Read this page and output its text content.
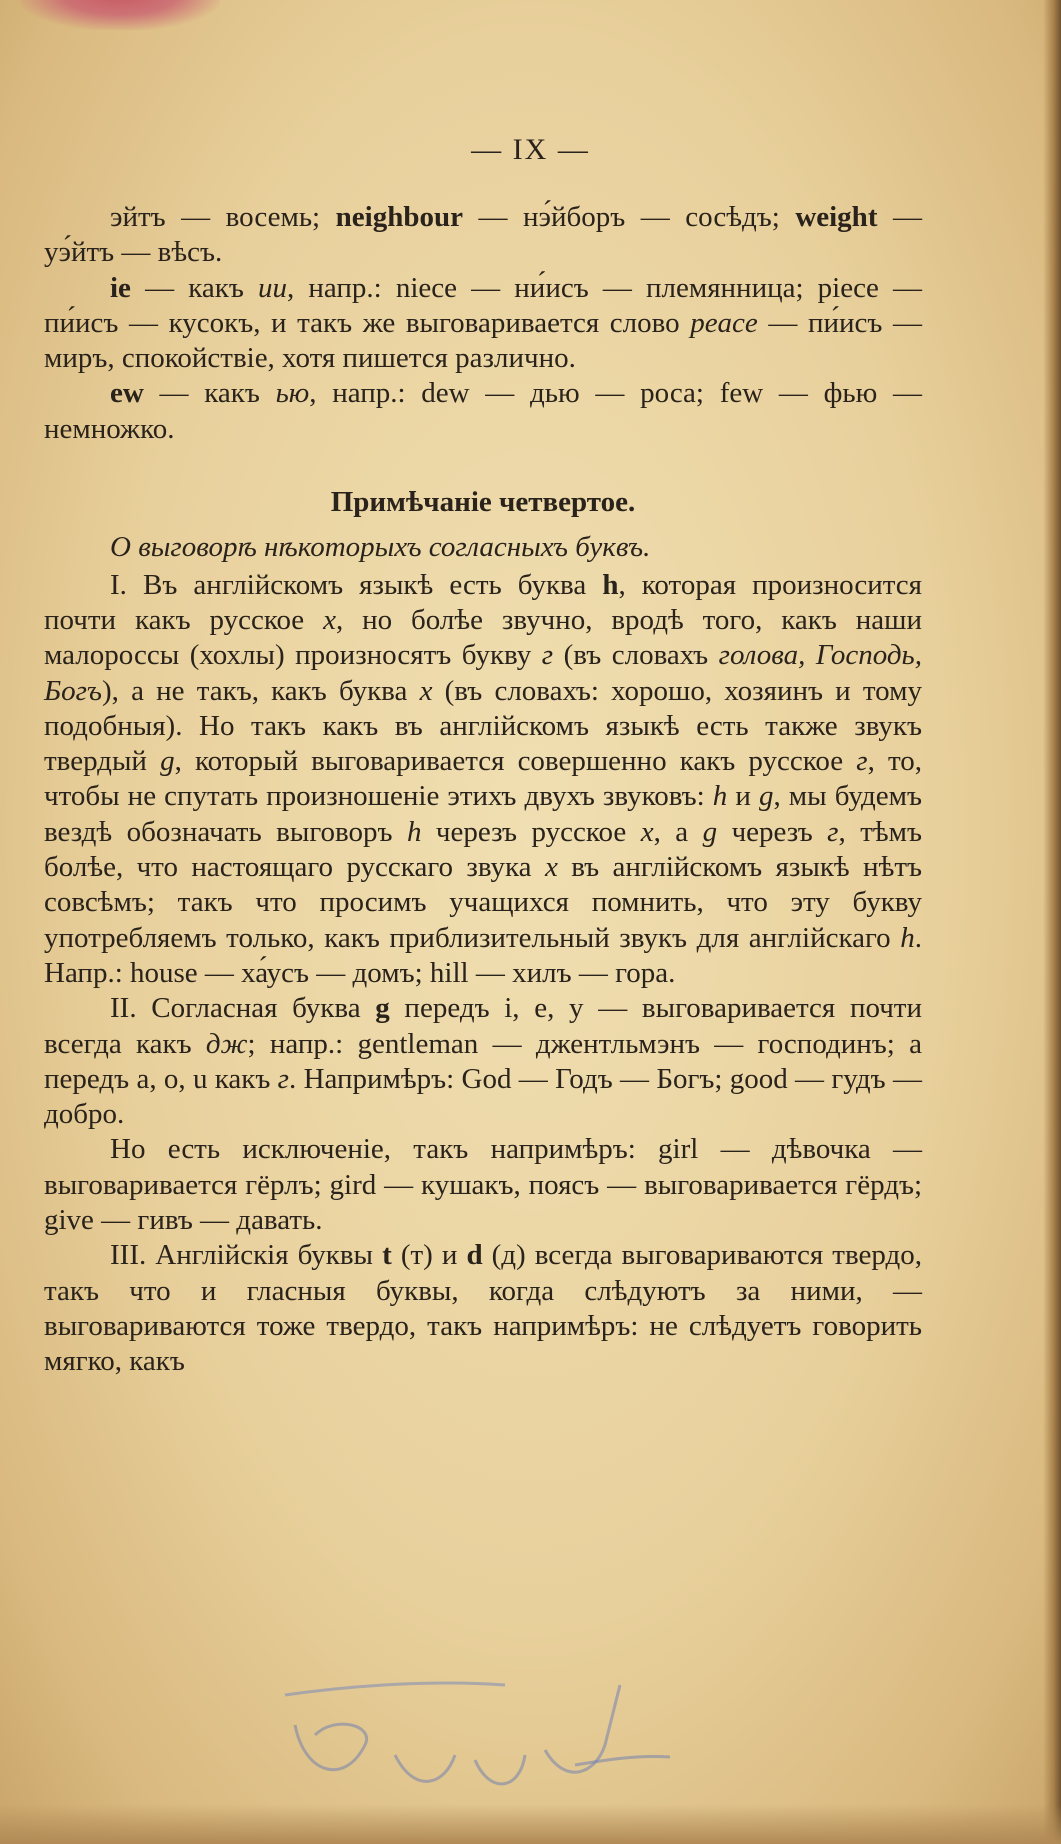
— IX —

эйтъ — восемь; neighbour — нэ́йборъ — сосѣдъ; weight — уэ́йтъ — вѣсъ.

ie — какъ ии, напр.: niece — ни́исъ — племянница; piece — пи́исъ — кусокъ, и такъ же выговаривается слово peace — пи́исъ — миръ, спокойствіе, хотя пишется различно.

ew — какъ ью, напр.: dew — дью — роса; few — фью — немножко.

Примѣчаніе четвертое.

О выговорѣ нѣкоторыхъ согласныхъ буквъ.

I. Въ англійскомъ языкѣ есть буква h, которая произносится почти какъ русское х, но болѣе звучно, вродѣ того, какъ наши малороссы (хохлы) произносятъ букву г (въ словахъ голова, Господь, Богъ), а не такъ, какъ буква х (въ словахъ: хорошо, хозяинъ и тому подобныя). Но такъ какъ въ англійскомъ языкѣ есть также звукъ твердый g, который выговаривается совершенно какъ русское г, то, чтобы не спутать произношеніе этихъ двухъ звуковъ: h и g, мы будемъ вездѣ обозначать выговоръ h черезъ русское х, а g черезъ г, тѣмъ болѣе, что настоящаго русскаго звука х въ англійскомъ языкѣ нѣтъ совсѣмъ; такъ что просимъ учащихся помнить, что эту букву употребляемъ только, какъ приблизительный звукъ для англійскаго h. Напр.: house — ха́усъ — домъ; hill — хилъ — гора.

II. Согласная буква g передъ i, e, y — выговаривается почти всегда какъ дж; напр.: gentleman — джентльмэнъ — господинъ; а передъ a, o, u какъ г. Напримѣръ: God — Годъ — Богъ; good — гудъ — добро.

Но есть исключеніе, такъ напримѣръ: girl — дѣвочка — выговаривается гёрлъ; gird — кушакъ, поясъ — выговаривается гёрдъ; give — гивъ — давать.

III. Англійскія буквы t (т) и d (д) всегда выговариваются твердо, такъ что и гласныя буквы, когда слѣдуютъ за ними, — выговариваются тоже твердо, такъ напримѣръ: не слѣдуетъ говорить мягко, какъ
